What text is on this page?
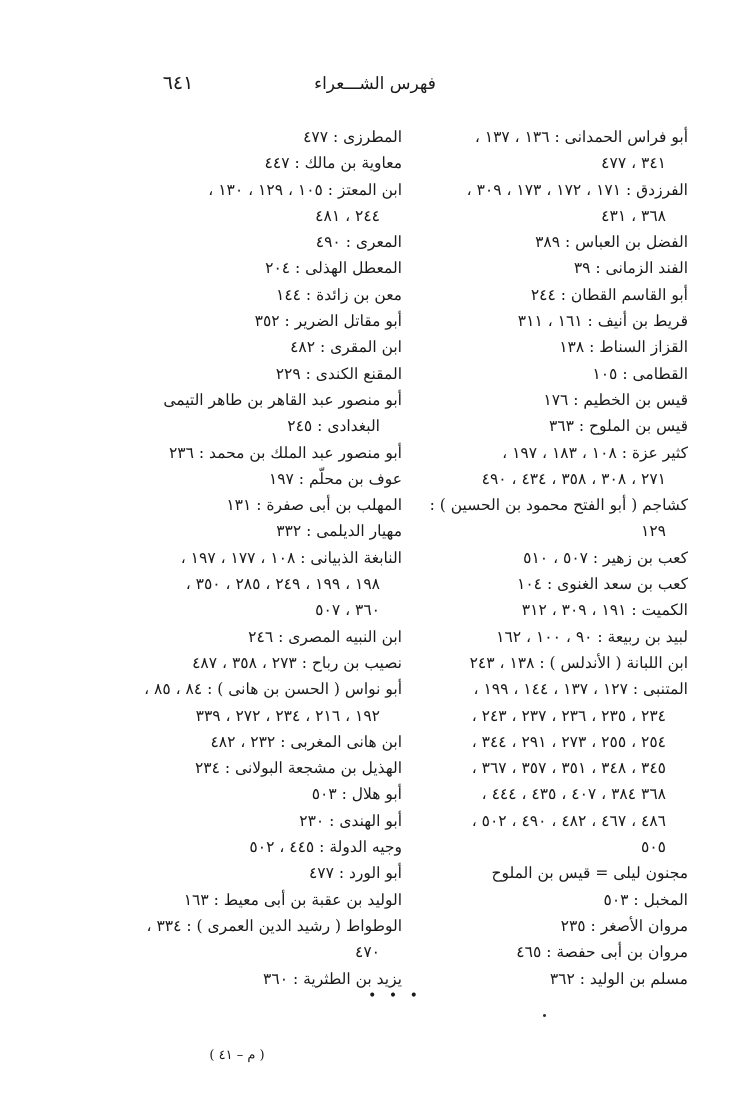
فهرس الشـــعراء
٦٤١
أبو فراس الحمدانى : ١٣٦ ، ١٣٧ ،
٣٤١ ، ٤٧٧
الفرزدق : ١٧١ ، ١٧٢ ، ١٧٣ ، ٣٠٩ ،
٣٦٨ ، ٤٣١
الفضل بن العباس : ٣٨٩
الفند الزمانى : ٣٩
أبو القاسم القطان : ٢٤٤
قريط بن أنيف : ١٦١ ، ٣١١
القزاز السناط : ١٣٨
القطامى : ١٠٥
قيس بن الخطيم : ١٧٦
قيس بن الملوح : ٣٦٣
كثير عزة : ١٠٨ ، ١٨٣ ، ١٩٧ ،
٢٧١ ، ٣٠٨ ، ٣٥٨ ، ٤٣٤ ، ٤٩٠
كشاجم ( أبو الفتح محمود بن الحسين ) :
١٢٩
كعب بن زهير : ٥٠٧ ، ٥١٠
كعب بن سعد الغنوى : ١٠٤
الكميت : ١٩١ ، ٣٠٩ ، ٣١٢
لبيد بن ربيعة : ٩٠ ، ١٠٠ ، ١٦٢
ابن اللبانة ( الأندلس ) : ١٣٨ ، ٢٤٣
المتنبى : ١٢٧ ، ١٣٧ ، ١٤٤ ، ١٩٩ ،
٢٣٤ ، ٢٣٥ ، ٢٣٦ ، ٢٣٧ ، ٢٤٣ ،
٢٥٤ ، ٢٥٥ ، ٢٧٣ ، ٢٩١ ، ٣٤٤ ،
٣٤٥ ، ٣٤٨ ، ٣٥١ ، ٣٥٧ ، ٣٦٧ ،
٣٦٨ ٣٨٤ ، ٤٠٧ ، ٤٣٥ ، ٤٤٤ ،
٤٨٦ ، ٤٦٧ ، ٤٨٢ ، ٤٩٠ ، ٥٠٢ ،
٥٠٥
مجنون ليلى = قيس بن الملوح
المخبل : ٥٠٣
مروان الأصغر : ٢٣٥
مروان بن أبى حفصة : ٤٦٥
مسلم بن الوليد : ٣٦٢
المطرزى : ٤٧٧
معاوية بن مالك : ٤٤٧
ابن المعتز : ١٠٥ ، ١٢٩ ، ١٣٠ ،
٢٤٤ ، ٤٨١
المعرى : ٤٩٠
المعطل الهذلى : ٢٠٤
معن بن زائدة : ١٤٤
أبو مقاتل الضرير : ٣٥٢
ابن المقرى : ٤٨٢
المقنع الكندى : ٢٢٩
أبو منصور عبد القاهر بن طاهر التيمى
البغدادى : ٢٤٥
أبو منصور عبد الملك بن محمد : ٢٣٦
عوف بن محلّم : ١٩٧
المهلب بن أبى صفرة : ١٣١
مهيار الديلمى : ٣٣٢
النابغة الذبيانى : ١٠٨ ، ١٧٧ ، ١٩٧ ،
١٩٨ ، ١٩٩ ، ٢٤٩ ، ٢٨٥ ، ٣٥٠ ،
٣٦٠ ، ٥٠٧
ابن النبيه المصرى : ٢٤٦
نصيب بن رباح : ٢٧٣ ، ٣٥٨ ، ٤٨٧
أبو نواس ( الحسن بن هانى ) : ٨٤ ، ٨٥ ،
١٩٢ ، ٢١٦ ، ٢٣٤ ، ٢٧٢ ، ٣٣٩
ابن هانى المغربى : ٢٣٢ ، ٤٨٢
الهذيل بن مشجعة البولانى : ٢٣٤
أبو هلال : ٥٠٣
أبو الهندى : ٢٣٠
وجيه الدولة : ٤٤٥ ، ٥٠٢
أبو الورد : ٤٧٧
الوليد بن عقبة بن أبى معيط : ١٦٣
الوطواط ( رشيد الدين العمرى ) : ٣٣٤ ،
٤٧٠
يزيد بن الطثرية : ٣٦٠
• • •
( م – ٤١ )
